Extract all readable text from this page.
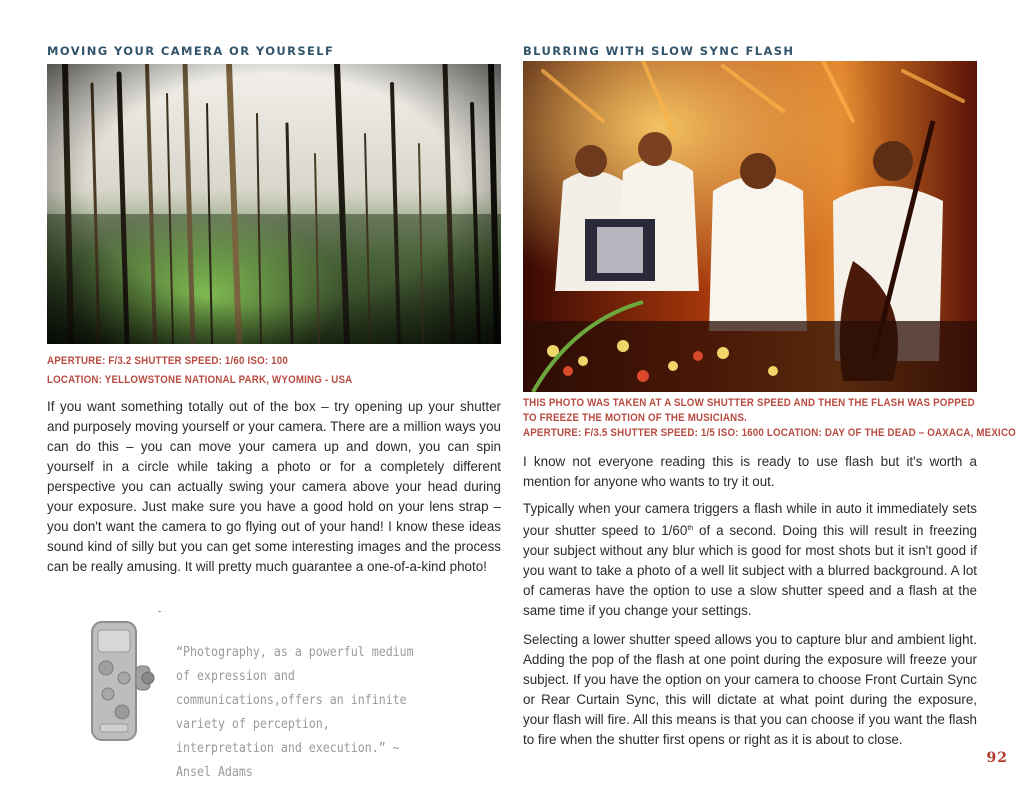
MOVING YOUR CAMERA OR YOURSELF
APERTURE: F/3.2 SHUTTER SPEED: 1/60 ISO: 100
LOCATION: YELLOWSTONE NATIONAL PARK, WYOMING - USA

If you want something totally out of the box – try opening up your shutter and purposely moving yourself or your camera. There are a million ways you can do this – you can move your camera up and down, you can spin yourself in a circle while taking a photo or for a completely different perspective you can actually swing your camera above your head during your exposure. Just make sure you have a good hold on your lens strap – you don't want the camera to go flying out of your hand! I know these ideas sound kind of silly but you can get some interesting images and the process can be really amusing. It will pretty much guarantee a one-of-a-kind photo!

“Photography, as a powerful medium of expression and communications,offers an infinite variety of perception, interpretation and execution.” ~ Ansel Adams

BLURRING WITH SLOW SYNC FLASH
THIS PHOTO WAS TAKEN AT A SLOW SHUTTER SPEED AND THEN THE FLASH WAS POPPED
TO FREEZE THE MOTION OF THE MUSICIANS.
APERTURE: F/3.5 SHUTTER SPEED: 1/5 ISO: 1600 LOCATION: DAY OF THE DEAD – OAXACA, MEXICO

I know not everyone reading this is ready to use flash but it's worth a mention for anyone who wants to try it out.

Typically when your camera triggers a flash while in auto it immediately sets your shutter speed to 1/60th of a second. Doing this will result in freezing your subject without any blur which is good for most shots but it isn't good if you want to take a photo of a well lit subject with a blurred background. A lot of cameras have the option to use a slow shutter speed and a flash at the same time if you change your settings.

Selecting a lower shutter speed allows you to capture blur and ambient light. Adding the pop of the flash at one point during the exposure will freeze your subject. If you have the option on your camera to choose Front Curtain Sync or Rear Curtain Sync, this will dictate at what point during the exposure, your flash will fire. All this means is that you can choose if you want the flash to fire when the shutter first opens or right as it is about to close.

92
